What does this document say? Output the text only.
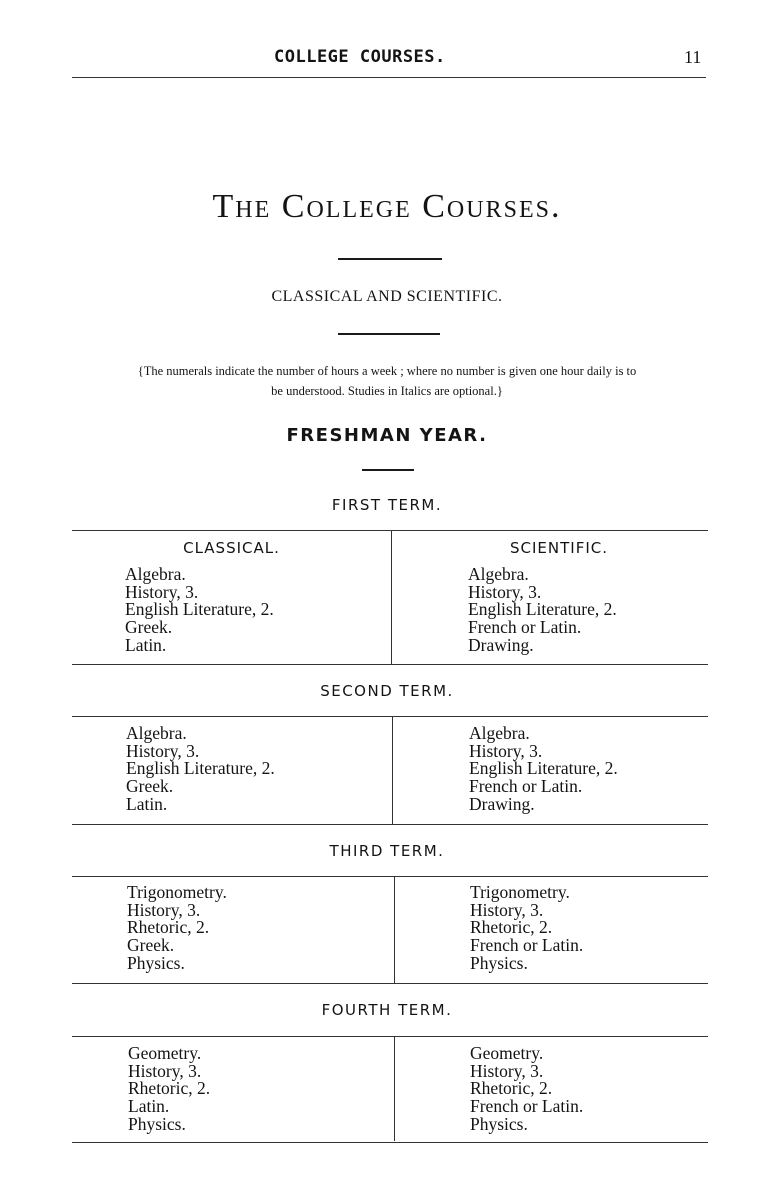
COLLEGE COURSES.	11
The College Courses.
CLASSICAL AND SCIENTIFIC.
{The numerals indicate the number of hours a week ; where no number is given one hour daily is to
be understood. Studies in Italics are optional.}
FRESHMAN YEAR.
FIRST TERM.
CLASSICAL.	SCIENTIFIC.
Algebra.
History, 3.
English Literature, 2.
Greek.
Latin.
Algebra.
History, 3.
English Literature, 2.
French or Latin.
Drawing.
SECOND TERM.
Algebra.
History, 3.
English Literature, 2.
Greek.
Latin.
Algebra.
History, 3.
English Literature, 2.
French or Latin.
Drawing.
THIRD TERM.
Trigonometry.
History, 3.
Rhetoric, 2.
Greek.
Physics.
Trigonometry.
History, 3.
Rhetoric, 2.
French or Latin.
Physics.
FOURTH TERM.
Geometry.
History, 3.
Rhetoric, 2.
Latin.
Physics.
Geometry.
History, 3.
Rhetoric, 2.
French or Latin.
Physics.
